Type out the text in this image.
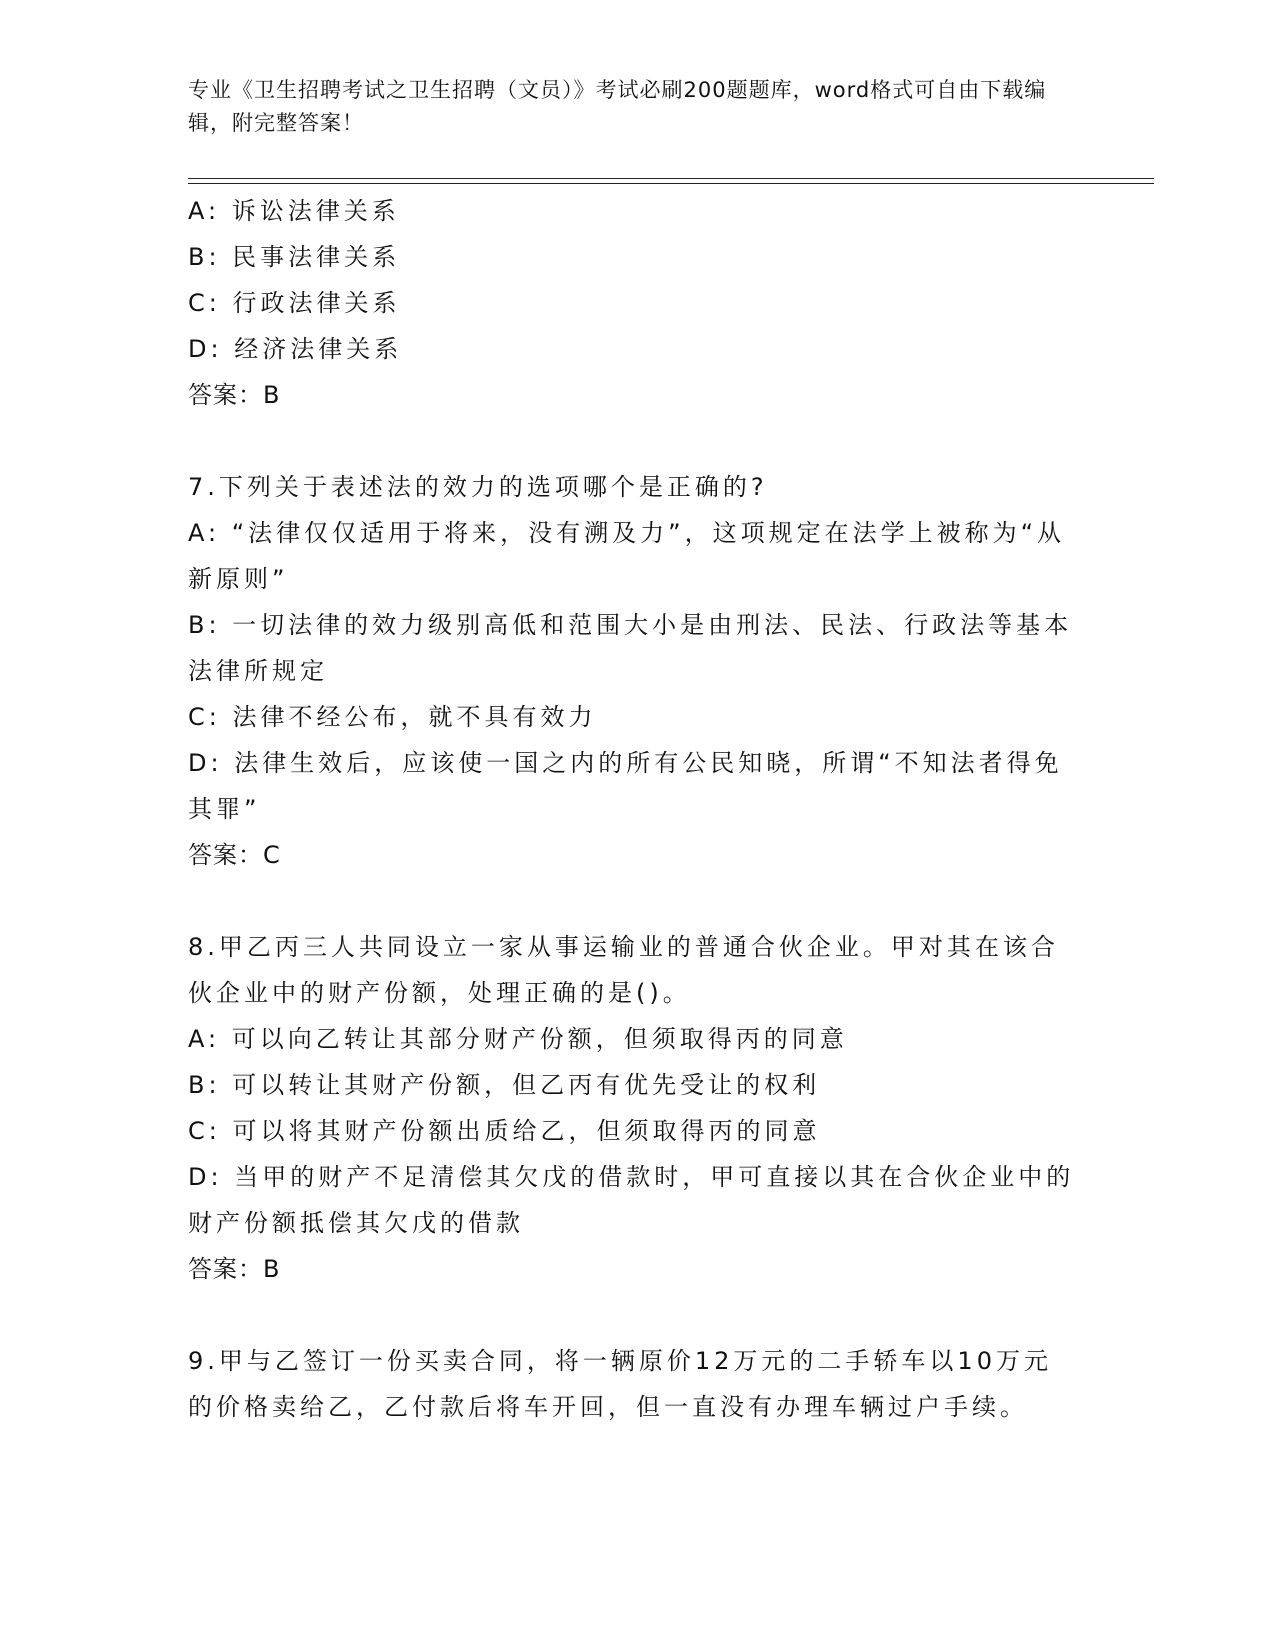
专业《卫生招聘考试之卫生招聘（文员）》考试必刷200题题库，word格式可自由下载编辑，附完整答案！

A: 诉讼法律关系

B: 民事法律关系

C: 行政法律关系

D: 经济法律关系

答案：B

7.下列关于表述法的效力的选项哪个是正确的?

A: “法律仅仅适用于将来，没有溯及力”，这项规定在法学上被称为“从新原则”

B: 一切法律的效力级别高低和范围大小是由刑法、民法、行政法等基本法律所规定

C: 法律不经公布，就不具有效力

D: 法律生效后，应该使一国之内的所有公民知晓，所谓“不知法者得免其罪”

答案：C

8.甲乙丙三人共同设立一家从事运输业的普通合伙企业。甲对其在该合伙企业中的财产份额，处理正确的是()。

A: 可以向乙转让其部分财产份额，但须取得丙的同意

B: 可以转让其财产份额，但乙丙有优先受让的权利

C: 可以将其财产份额出质给乙，但须取得丙的同意

D: 当甲的财产不足清偿其欠戊的借款时，甲可直接以其在合伙企业中的财产份额抵偿其欠戊的借款

答案：B

9.甲与乙签订一份买卖合同，将一辆原价12万元的二手轿车以10万元的价格卖给乙，乙付款后将车开回，但一直没有办理车辆过户手续。
